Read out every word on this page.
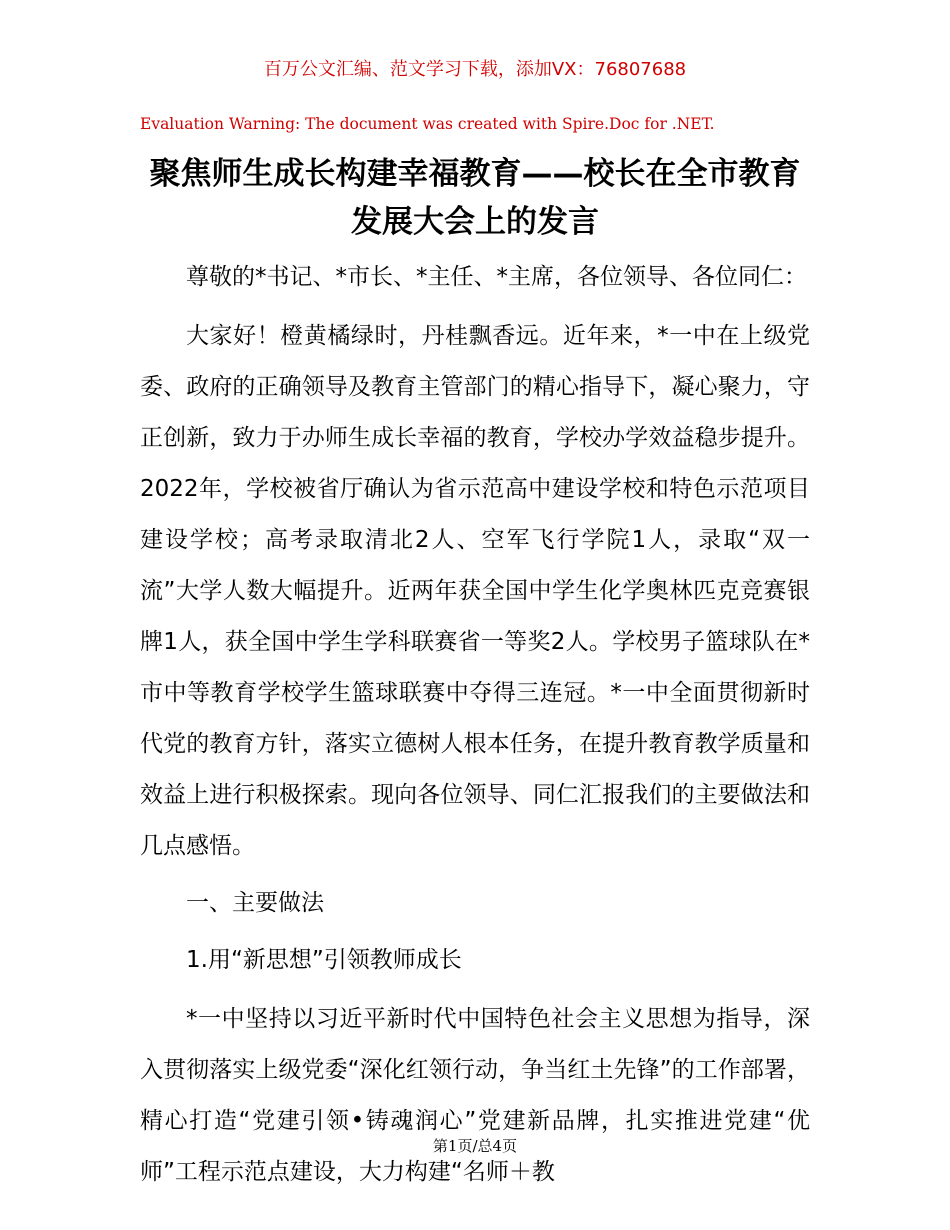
百万公文汇编、范文学习下载，添加VX：76807688
Evaluation Warning: The document was created with Spire.Doc for .NET.
聚焦师生成长构建幸福教育——校长在全市教育发展大会上的发言

尊敬的*书记、*市长、*主任、*主席，各位领导、各位同仁：

大家好！橙黄橘绿时，丹桂飘香远。近年来，*一中在上级党委、政府的正确领导及教育主管部门的精心指导下，凝心聚力，守正创新，致力于办师生成长幸福的教育，学校办学效益稳步提升。2022年，学校被省厅确认为省示范高中建设学校和特色示范项目建设学校；高考录取清北2人、空军飞行学院1人，录取“双一流”大学人数大幅提升。近两年获全国中学生化学奥林匹克竞赛银牌1人，获全国中学生学科联赛省一等奖2人。学校男子篮球队在*市中等教育学校学生篮球联赛中夺得三连冠。*一中全面贯彻新时代党的教育方针，落实立德树人根本任务，在提升教育教学质量和效益上进行积极探索。现向各位领导、同仁汇报我们的主要做法和几点感悟。

一、主要做法

1.用“新思想”引领教师成长

*一中坚持以习近平新时代中国特色社会主义思想为指导，深入贯彻落实上级党委“深化红领行动，争当红土先锋”的工作部署，精心打造“党建引领•铸魂润心”党建新品牌，扎实推进党建“优师”工程示范点建设，大力构建“名师＋教

第1页/总4页
